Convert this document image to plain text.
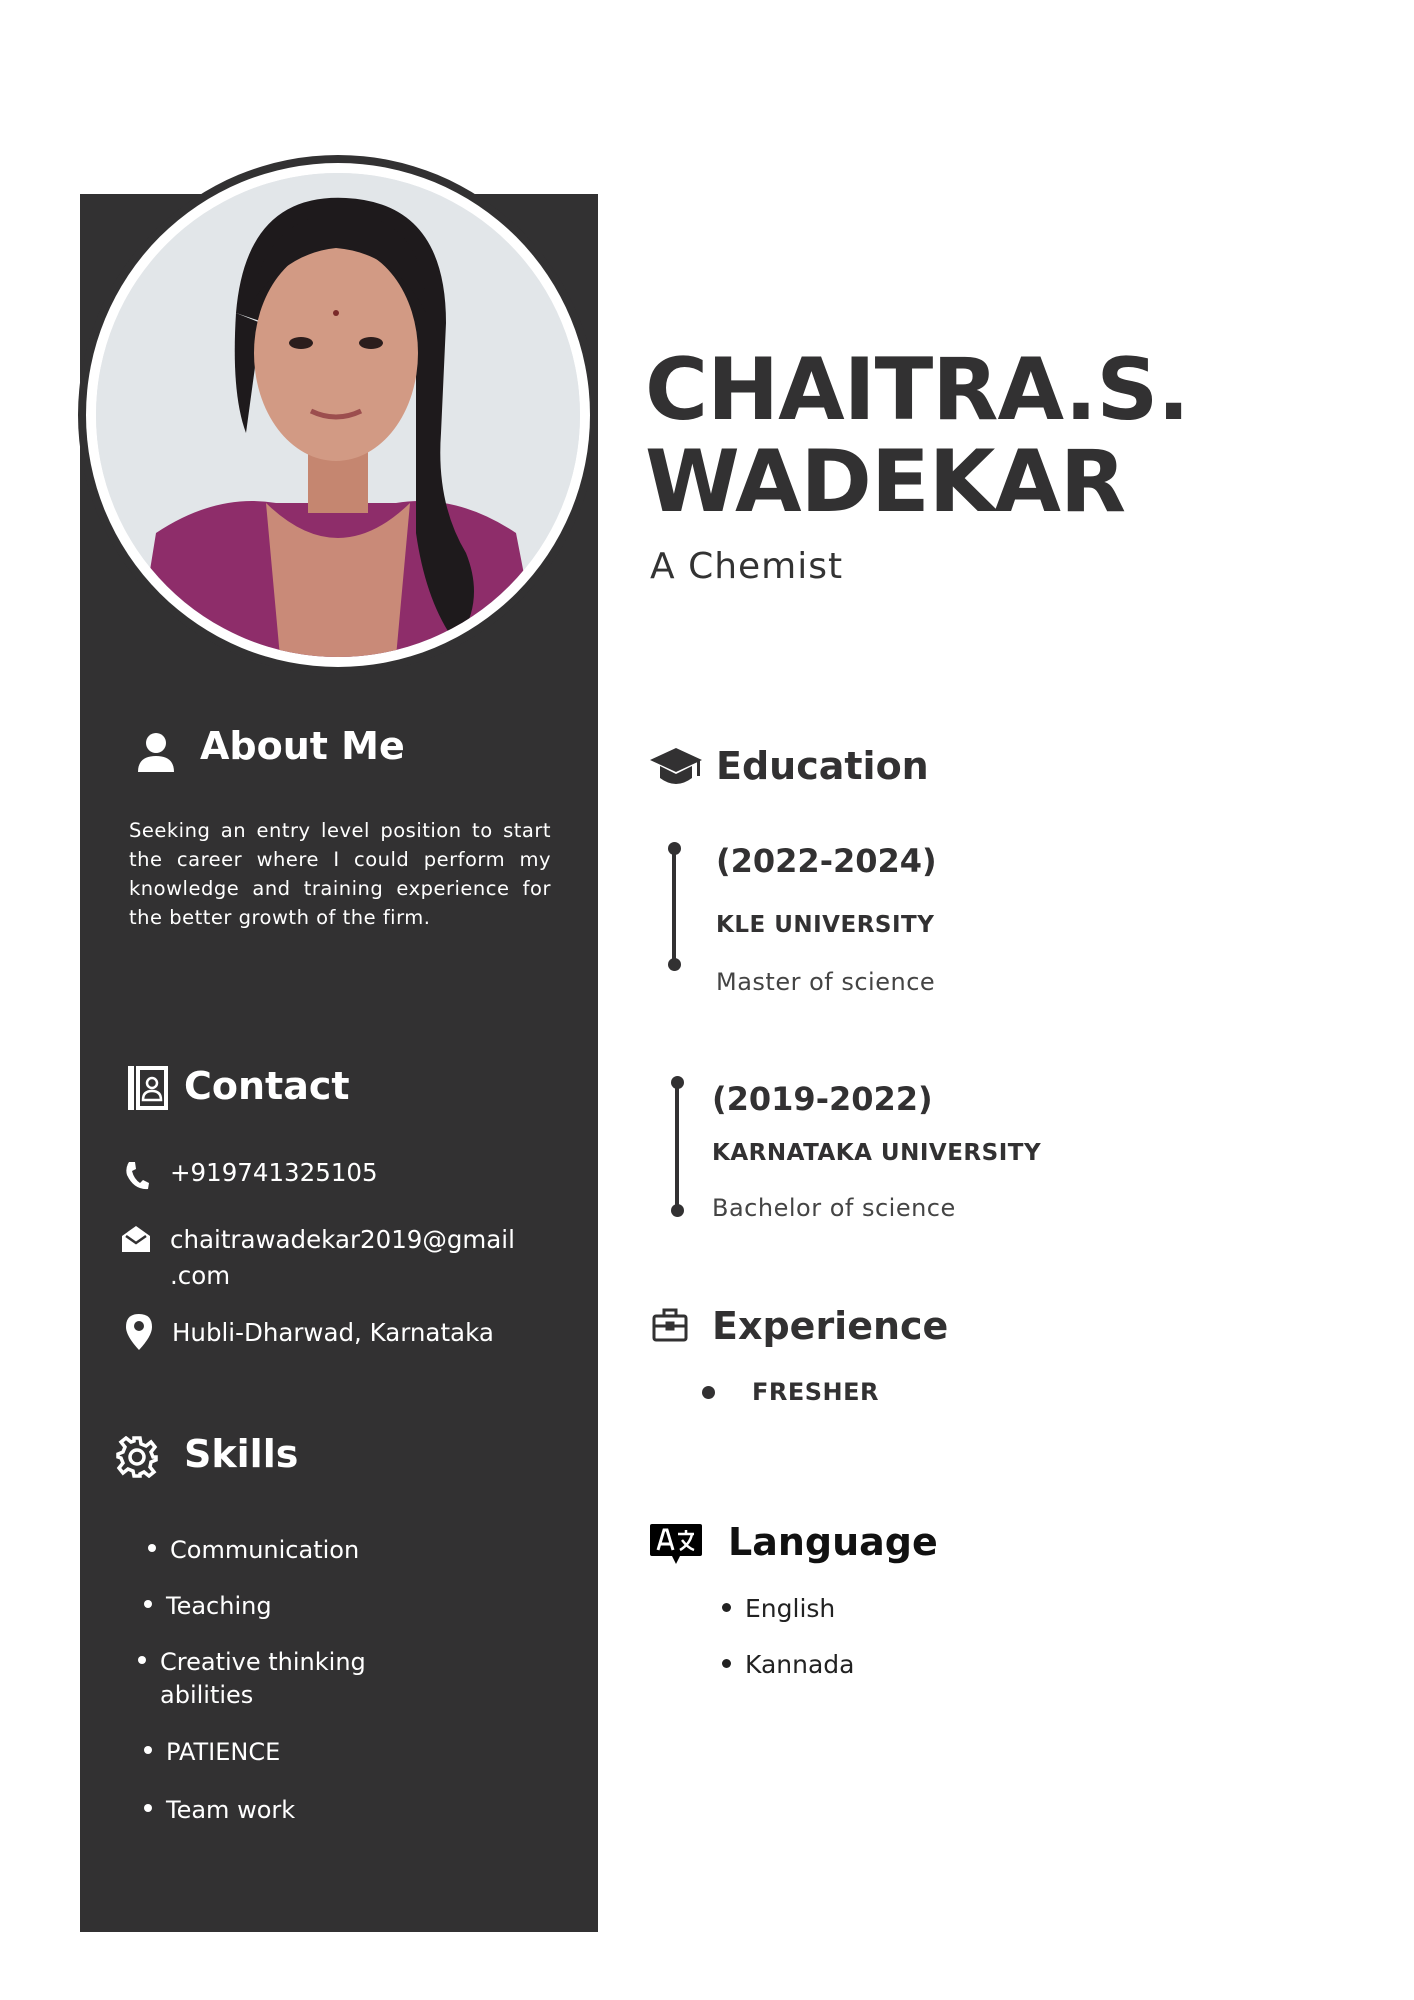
About Me
Seeking an entry level position to start the career where I could perform my knowledge and training experience for the better growth of the firm.
Contact
+919741325105
chaitrawadekar2019@gmail
.com
Hubli-Dharwad, Karnataka
Skills
Communication
Teaching
Creative thinking
abilities
PATIENCE
Team work
CHAITRA.S.
WADEKAR
A Chemist
Education
(2022-2024)
KLE UNIVERSITY
Master of science
(2019-2022)
KARNATAKA UNIVERSITY
Bachelor of science
Experience
FRESHER
Language
English
Kannada
